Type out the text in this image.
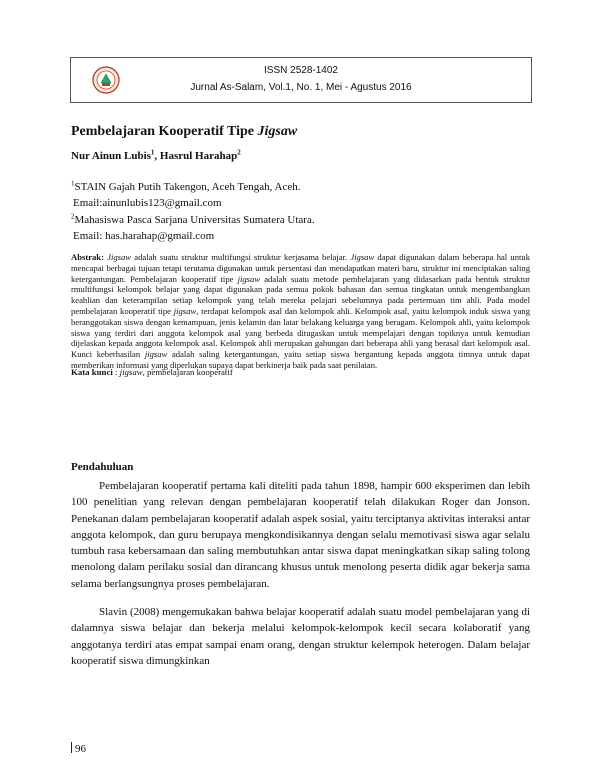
ISSN 2528-1402
Jurnal As-Salam, Vol.1, No. 1, Mei - Agustus 2016
Pembelajaran Kooperatif Tipe Jigsaw
Nur Ainun Lubis$^1$, Hasrul Harahap$^2$
$^1$STAIN Gajah Putih Takengon, Aceh Tengah, Aceh.
Email:ainunlubis123@gmail.com
$^2$Mahasiswa Pasca Sarjana Universitas Sumatera Utara.
Email: has.harahap@gmail.com
Abstrak: Jigsaw adalah suatu struktur multifungsi struktur kerjasama belajar. Jigsaw dapat digunakan dalam beberapa hal untuk mencapai berbagai tujuan tetapi terutama digunakan untuk persentasi dan mendapatkan materi baru, struktur ini menciptakan saling ketergantungan. Pembelajaran kooperatif tipe jigsaw adalah suatu metode pembelajaran yang didasarkan pada bentuk struktur rmultifungsi kelompok belajar yang dapat digunakan pada semua pokok bahasan dan semua tingkatan untuk mengembangkan keahlian dan keterampilan setiap kelompok yang telah mereka pelajari sebelumnya pada pertemuan tim ahli. Pada model pembelajaran kooperatif tipe jigsaw, terdapat kelompok asal dan kelompok ahli. Kelompok asal, yaitu kelompok induk siswa yang beranggotakan siswa dengan kemampuan, jenis kelamin dan latar belakang keluarga yang beragam. Kelompok ahli, yaitu kelompok siswa yang terdiri dari anggota kelompok asal yang berbeda ditugaskan untuk mempelajari dengan topiknya untuk kemudian dijelaskan kepada anggota kelompok asal. Kelompok ahli merupakan gabungan dari beberapa ahli yang berasal dari kelompok asal. Kunci keberhasilan jigsaw adalah saling ketergantungan, yaitu setiap siswa bergantung kepada anggota timnya untuk dapat memberikan informasi yang diperlukan supaya dapat berkinerja baik pada saat penilaian.
Kata kunci : jigsaw, pembelajaran kooperatif
Pendahuluan
Pembelajaran kooperatif pertama kali diteliti pada tahun 1898, hampir 600 eksperimen dan lebih 100 penelitian yang relevan dengan pembelajaran kooperatif telah dilakukan Roger dan Jonson. Penekanan dalam pembelajaran kooperatif adalah aspek sosial, yaitu terciptanya aktivitas interaksi antar anggota kelompok, dan guru berupaya mengkondisikannya dengan selalu memotivasi siswa agar selalu tumbuh rasa kebersamaan dan saling membutuhkan antar siswa dapat meningkatkan sikap saling tolong menolong dalam perilaku sosial dan dirancang khusus untuk menolong peserta didik agar bekerja sama selama berlangsungnya proses pembelajaran.
Slavin (2008) mengemukakan bahwa belajar kooperatif adalah suatu model pembelajaran yang di dalamnya siswa belajar dan bekerja melalui kelompok-kelompok kecil secara kolaboratif yang anggotanya terdiri atas empat sampai enam orang, dengan struktur kelempok heterogen. Dalam belajar kooperatif siswa dimungkinkan
96
